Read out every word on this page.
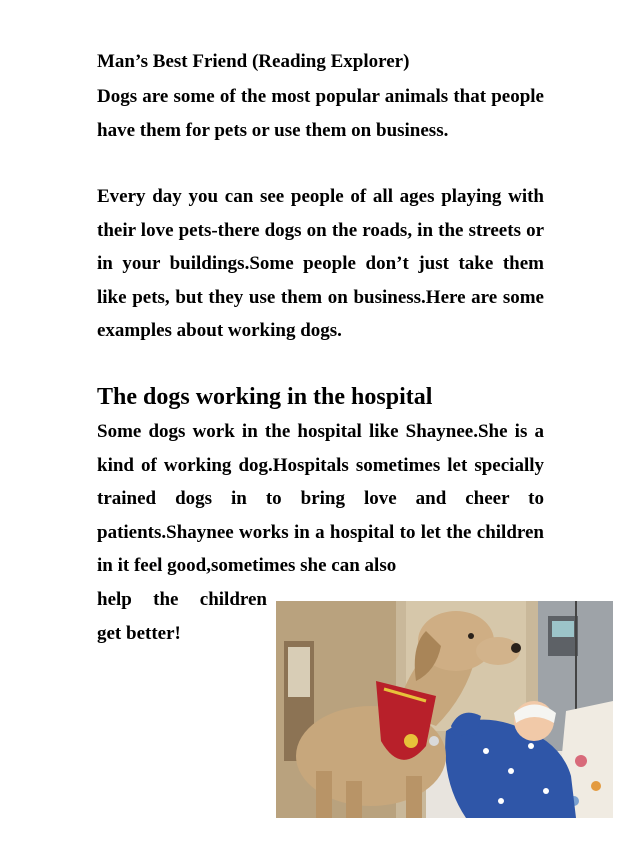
Man’s Best Friend (Reading Explorer)
Dogs are some of the most popular animals that people have them for pets or use them on business.
Every day you can see people of all ages playing with their love pets-there dogs on the roads, in the streets or in your buildings.Some people don’t just take them like pets, but they use them on business.Here are some examples about working dogs.
The dogs working in the hospital
Some dogs work in the hospital like Shaynee.She is a kind of working dog.Hospitals sometimes let specially trained dogs in to bring love and cheer to patients.Shaynee works in a hospital to let the children in it feel good,sometimes she can also
help the children
get better!
